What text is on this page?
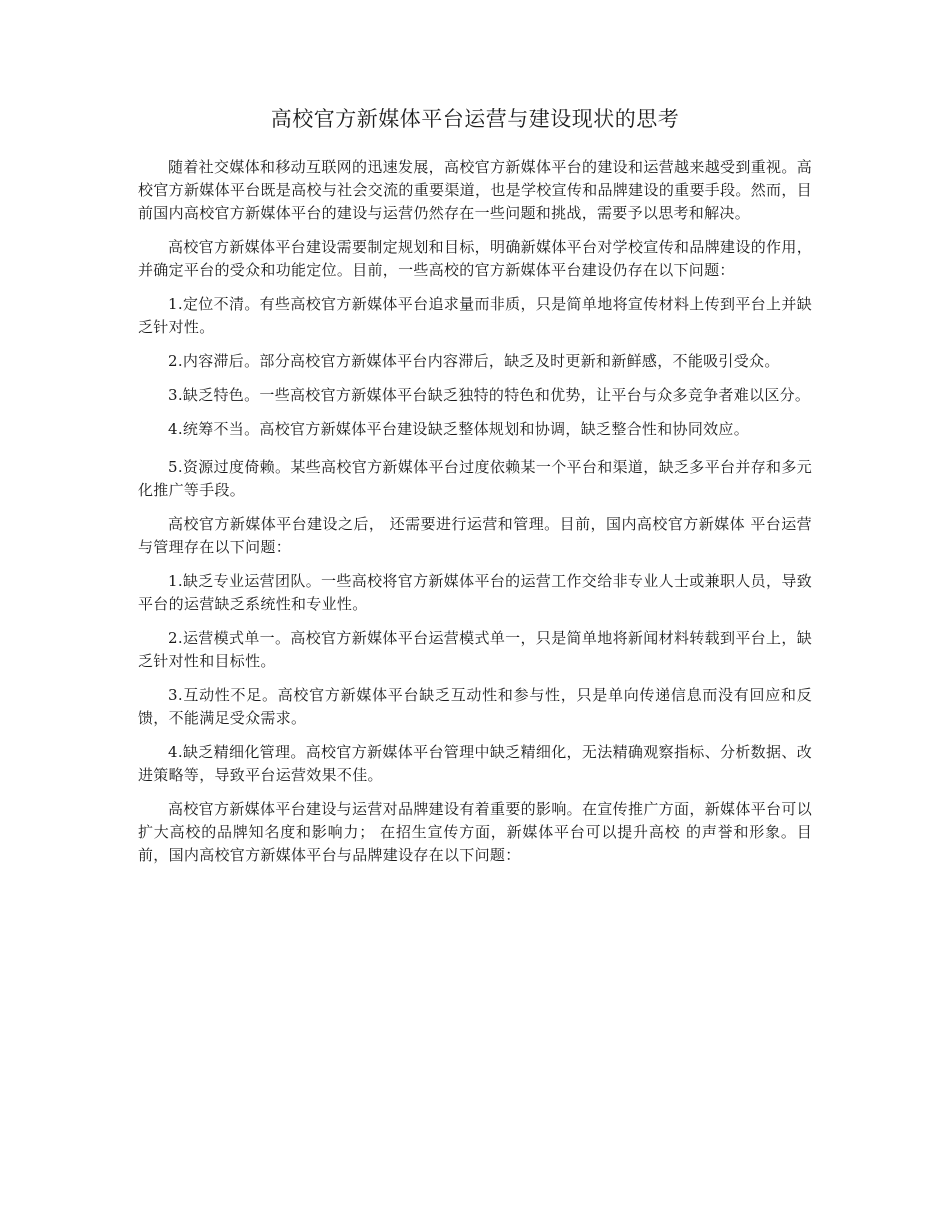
高校官方新媒体平台运营与建设现状的思考

随着社交媒体和移动互联网的迅速发展，高校官方新媒体平台的建设和运营越来越受到重视。高校官方新媒体平台既是高校与社会交流的重要渠道，也是学校宣传和品牌建设的重要手段。然而，目前国内高校官方新媒体平台的建设与运营仍然存在一些问题和挑战，需要予以思考和解决。

高校官方新媒体平台建设需要制定规划和目标，明确新媒体平台对学校宣传和品牌建设的作用，并确定平台的受众和功能定位。目前，一些高校的官方新媒体平台建设仍存在以下问题：

1.定位不清。有些高校官方新媒体平台追求量而非质，只是简单地将宣传材料上传到平台上并缺乏针对性。

2.内容滞后。部分高校官方新媒体平台内容滞后，缺乏及时更新和新鲜感，不能吸引受众。

3.缺乏特色。一些高校官方新媒体平台缺乏独特的特色和优势，让平台与众多竞争者难以区分。

4.统筹不当。高校官方新媒体平台建设缺乏整体规划和协调，缺乏整合性和协同效应。

5.资源过度倚赖。某些高校官方新媒体平台过度依赖某一个平台和渠道，缺乏多平台并存和多元化推广等手段。

高校官方新媒体平台建设之后， 还需要进行运营和管理。目前，国内高校官方新媒体 平台运营与管理存在以下问题：

1.缺乏专业运营团队。一些高校将官方新媒体平台的运营工作交给非专业人士或兼职人员，导致平台的运营缺乏系统性和专业性。

2.运营模式单一。高校官方新媒体平台运营模式单一，只是简单地将新闻材料转载到平台上，缺乏针对性和目标性。

3.互动性不足。高校官方新媒体平台缺乏互动性和参与性，只是单向传递信息而没有回应和反馈，不能满足受众需求。

4.缺乏精细化管理。高校官方新媒体平台管理中缺乏精细化，无法精确观察指标、分析数据、改进策略等，导致平台运营效果不佳。

高校官方新媒体平台建设与运营对品牌建设有着重要的影响。在宣传推广方面，新媒体平台可以扩大高校的品牌知名度和影响力； 在招生宣传方面，新媒体平台可以提升高校 的声誉和形象。目前，国内高校官方新媒体平台与品牌建设存在以下问题：
